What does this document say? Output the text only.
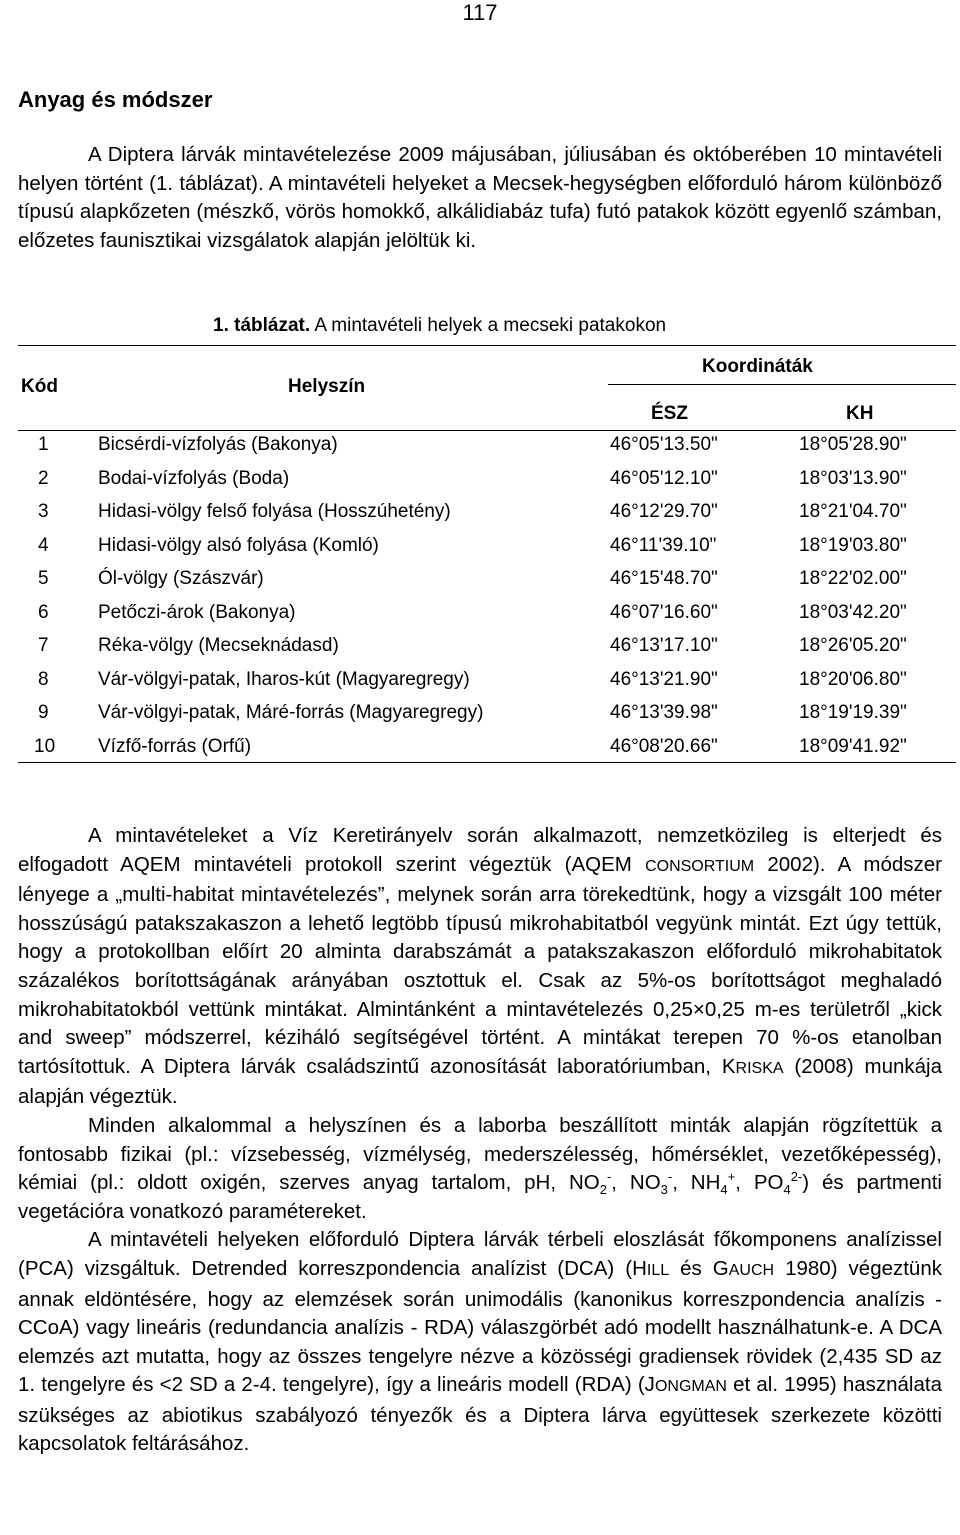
117
Anyag és módszer
A Diptera lárvák mintavételezése 2009 májusában, júliusában és októberében 10 mintavételi helyen történt (1. táblázat). A mintavételi helyeket a Mecsek-hegységben előforduló három különböző típusú alapkőzeten (mészkő, vörös homokkő, alkálidiabáz tufa) futó patakok között egyenlő számban, előzetes faunisztikai vizsgálatok alapján jelöltük ki.
1. táblázat. A mintavételi helyek a mecseki patakokon
Kód	Helyszín
Koordináták
ÉSZ	KH
1	Bicsérdi-vízfolyás (Bakonya)	46°05'13.50"	18°05'28.90"
2	Bodai-vízfolyás (Boda)	46°05'12.10"	18°03'13.90"
3	Hidasi-völgy felső folyása (Hosszúhetény)	46°12'29.70"	18°21'04.70"
4	Hidasi-völgy alsó folyása (Komló)	46°11'39.10"	18°19'03.80"
5	Ól-völgy (Szászvár)	46°15'48.70"	18°22'02.00"
6	Petőczi-árok (Bakonya)	46°07'16.60"	18°03'42.20"
7	Réka-völgy (Mecseknádasd)	46°13'17.10"	18°26'05.20"
8	Vár-völgyi-patak, Iharos-kút (Magyaregregy)	46°13'21.90"	18°20'06.80"
9	Vár-völgyi-patak, Máré-forrás (Magyaregregy)	46°13'39.98"	18°19'19.39"
10 Vízfő-forrás (Orfű)	46°08'20.66"	18°09'41.92"
A mintavételeket a Víz Keretirányelv során alkalmazott, nemzetközileg is elterjedt és elfogadott AQEM mintavételi protokoll szerint végeztük (AQEM CONSORTIUM 2002). A módszer lényege a „multi-habitat mintavételezés”, melynek során arra törekedtünk, hogy a vizsgált 100 méter hosszúságú patakszakaszon a lehető legtöbb típusú mikrohabitatból vegyünk mintát. Ezt úgy tettük, hogy a protokollban előírt 20 alminta darabszámát a patakszakaszon előforduló mikrohabitatok százalékos borítottságának arányában osztottuk el. Csak az 5%-os borítottságot meghaladó mikrohabitatokból vettünk mintákat. Almintánként a mintavételezés 0,25×0,25 m-es területről „kick and sweep” módszerrel, kéziháló segítségével történt. A mintákat terepen 70 %-os etanolban tartósítottuk. A Diptera lárvák családszintű azonosítását laboratóriumban, KRISKA (2008) munkája alapján végeztük.
Minden alkalommal a helyszínen és a laborba beszállított minták alapján rögzítettük a fontosabb fizikai (pl.: vízsebesség, vízmélység, mederszélesség, hőmérséklet, vezetőképesség), kémiai (pl.: oldott oxigén, szerves anyag tartalom, pH, $NO_2^-$, $NO_3^-$, $NH_4^+$, $PO_4^{2-}$) és partmenti vegetációra vonatkozó paramétereket.
A mintavételi helyeken előforduló Diptera lárvák térbeli eloszlását főkomponens analízissel (PCA) vizsgáltuk. Detrended korreszpondencia analízist (DCA) (HILL és GAUCH 1980) végeztünk annak eldöntésére, hogy az elemzések során unimodális (kanonikus korreszpondencia analízis - CCoA) vagy lineáris (redundancia analízis - RDA) válaszgörbét adó modellt használhatunk-e. A DCA elemzés azt mutatta, hogy az összes tengelyre nézve a közösségi gradiensek rövidek (2,435 SD az 1. tengelyre és <2 SD a 2-4. tengelyre), így a lineáris modell (RDA) (JONGMAN et al. 1995) használata szükséges az abiotikus szabályozó tényezők és a Diptera lárva együttesek szerkezete közötti kapcsolatok feltárásához.
